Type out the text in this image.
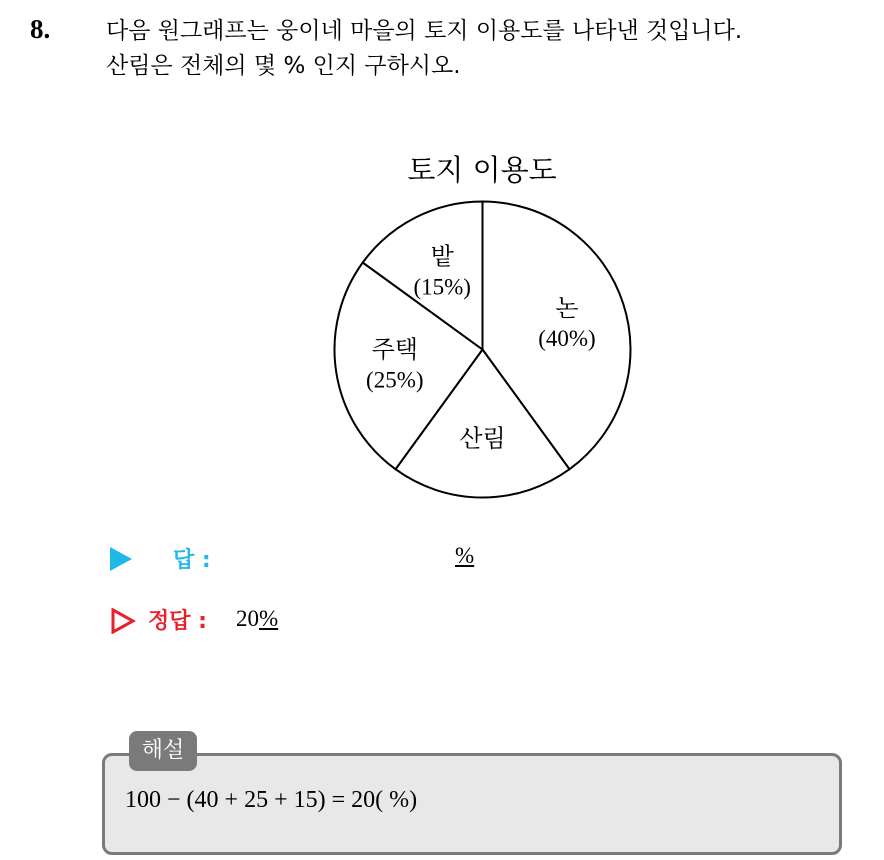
8. 다음 원그래프는 웅이네 마을의 토지 이용도를 나타낸 것입니다.
산림은 전체의 몇 % 인지 구하시오.
토지 이용도
논
(40%)
산림
주택
(25%)
밭
(15%)
답 :	%
정답 : 20%
해설
100 − (40 + 25 + 15) = 20( %)
